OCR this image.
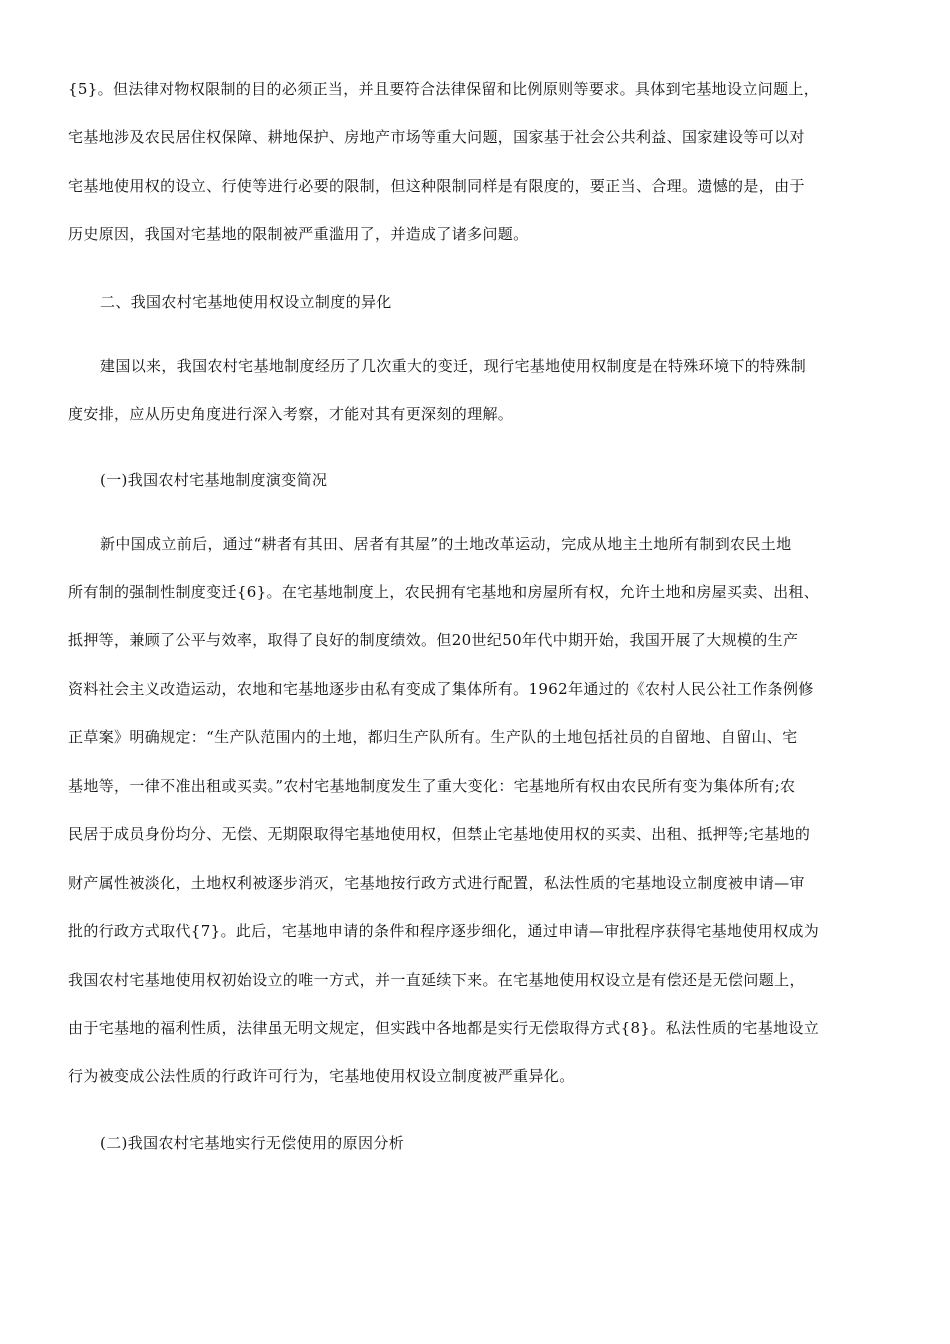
{5}。但法律对物权限制的目的必须正当，并且要符合法律保留和比例原则等要求。具体到宅基地设立问题上，
宅基地涉及农民居住权保障、耕地保护、房地产市场等重大问题，国家基于社会公共利益、国家建设等可以对
宅基地使用权的设立、行使等进行必要的限制，但这种限制同样是有限度的，要正当、合理。遗憾的是，由于
历史原因，我国对宅基地的限制被严重滥用了，并造成了诸多问题。
二、我国农村宅基地使用权设立制度的异化
建国以来，我国农村宅基地制度经历了几次重大的变迁，现行宅基地使用权制度是在特殊环境下的特殊制
度安排，应从历史角度进行深入考察，才能对其有更深刻的理解。
(一)我国农村宅基地制度演变简况
新中国成立前后，通过“耕者有其田、居者有其屋”的土地改革运动，完成从地主土地所有制到农民土地
所有制的强制性制度变迁{6}。在宅基地制度上，农民拥有宅基地和房屋所有权，允许土地和房屋买卖、出租、
抵押等，兼顾了公平与效率，取得了良好的制度绩效。但20世纪50年代中期开始，我国开展了大规模的生产
资料社会主义改造运动，农地和宅基地逐步由私有变成了集体所有。1962年通过的《农村人民公社工作条例修
正草案》明确规定：“生产队范围内的土地，都归生产队所有。生产队的土地包括社员的自留地、自留山、宅
基地等，一律不准出租或买卖。”农村宅基地制度发生了重大变化：宅基地所有权由农民所有变为集体所有;农
民居于成员身份均分、无偿、无期限取得宅基地使用权，但禁止宅基地使用权的买卖、出租、抵押等;宅基地的
财产属性被淡化，土地权利被逐步消灭，宅基地按行政方式进行配置，私法性质的宅基地设立制度被申请—审
批的行政方式取代{7}。此后，宅基地申请的条件和程序逐步细化，通过申请—审批程序获得宅基地使用权成为
我国农村宅基地使用权初始设立的唯一方式，并一直延续下来。在宅基地使用权设立是有偿还是无偿问题上，
由于宅基地的福利性质，法律虽无明文规定，但实践中各地都是实行无偿取得方式{8}。私法性质的宅基地设立
行为被变成公法性质的行政许可行为，宅基地使用权设立制度被严重异化。
(二)我国农村宅基地实行无偿使用的原因分析
